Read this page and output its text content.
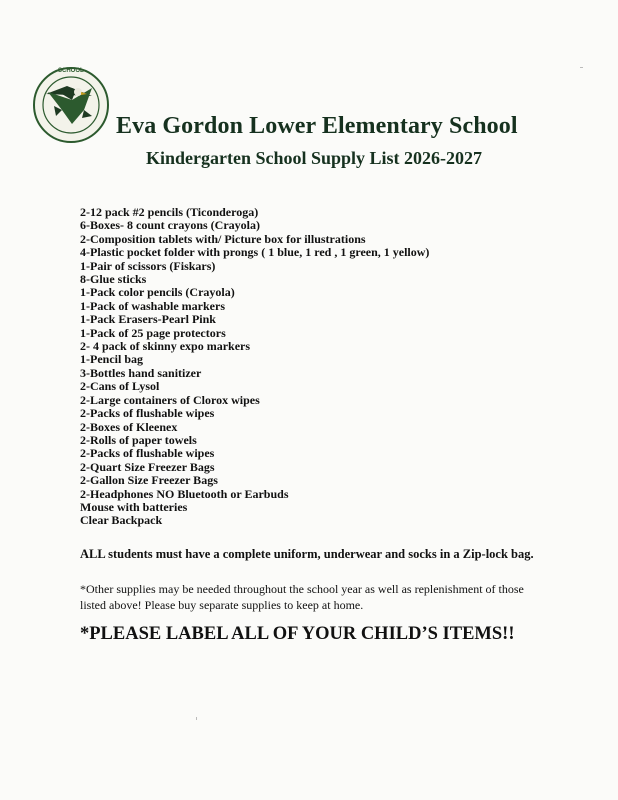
SCHOOL
Eva Gordon Lower Elementary School
Kindergarten School Supply List 2026-2027
2-12 pack #2 pencils (Ticonderoga)
6-Boxes- 8 count crayons (Crayola)
2-Composition tablets with/ Picture box for illustrations
4-Plastic pocket folder with prongs ( 1 blue, 1 red , 1 green, 1 yellow)
1-Pair of scissors (Fiskars)
8-Glue sticks
1-Pack color pencils (Crayola)
1-Pack of washable markers
1-Pack Erasers-Pearl Pink
1-Pack of 25 page protectors
2- 4 pack of skinny expo markers
1-Pencil bag
3-Bottles hand sanitizer
2-Cans of Lysol
2-Large containers of Clorox wipes
2-Packs of flushable wipes
2-Boxes of Kleenex
2-Rolls of paper towels
2-Packs of flushable wipes
2-Quart Size Freezer Bags
2-Gallon Size Freezer Bags
2-Headphones NO Bluetooth or Earbuds
Mouse with batteries
Clear Backpack
ALL students must have a complete uniform, underwear and socks in a Zip-lock bag.
*Other supplies may be needed throughout the school year as well as replenishment of those
listed above! Please buy separate supplies to keep at home.
*PLEASE LABEL ALL OF YOUR CHILD’S ITEMS!!
